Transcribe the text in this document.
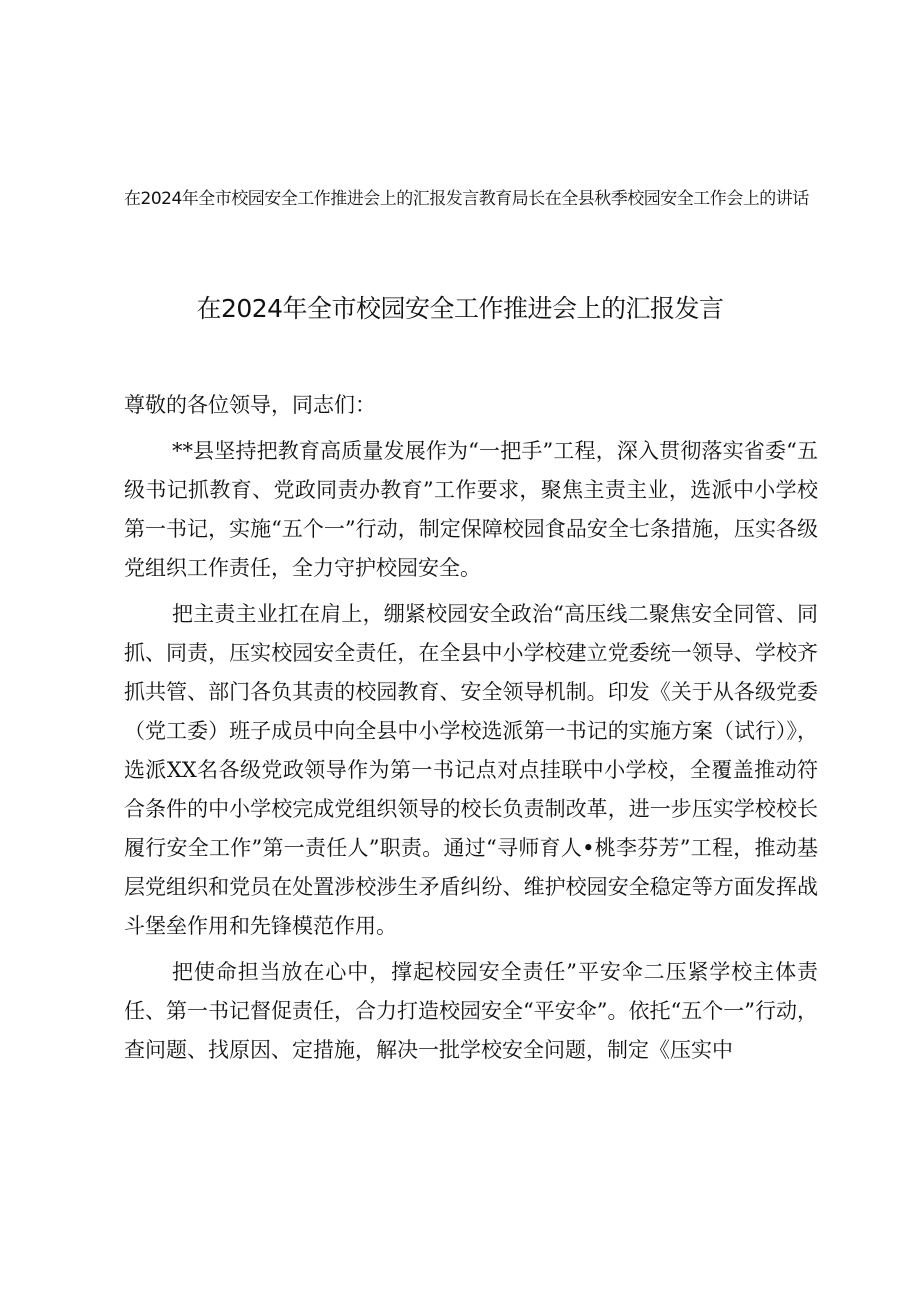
在2024年全市校园安全工作推进会上的汇报发言教育局长在全县秋季校园安全工作会上的讲话
在2024年全市校园安全工作推进会上的汇报发言

尊敬的各位领导，同志们：

**县坚持把教育高质量发展作为“一把手”工程，深入贯彻落实省委“五级书记抓教育、党政同责办教育”工作要求，聚焦主责主业，选派中小学校第一书记，实施“五个一”行动，制定保障校园食品安全七条措施，压实各级党组织工作责任，全力守护校园安全。

把主责主业扛在肩上，绷紧校园安全政治“高压线二聚焦安全同管、同抓、同责，压实校园安全责任，在全县中小学校建立党委统一领导、学校齐抓共管、部门各负其责的校园教育、安全领导机制。印发《关于从各级党委（党工委）班子成员中向全县中小学校选派第一书记的实施方案（试行）》，选派XX名各级党政领导作为第一书记点对点挂联中小学校，全覆盖推动符合条件的中小学校完成党组织领导的校长负责制改革，进一步压实学校校长履行安全工作”第一责任人”职责。通过“寻师育人•桃李芬芳”工程，推动基层党组织和党员在处置涉校涉生矛盾纠纷、维护校园安全稳定等方面发挥战斗堡垒作用和先锋模范作用。

把使命担当放在心中，撑起校园安全责任”平安伞二压紧学校主体责任、第一书记督促责任，合力打造校园安全“平安伞”。依托“五个一”行动，查问题、找原因、定措施，解决一批学校安全问题，制定《压实中
